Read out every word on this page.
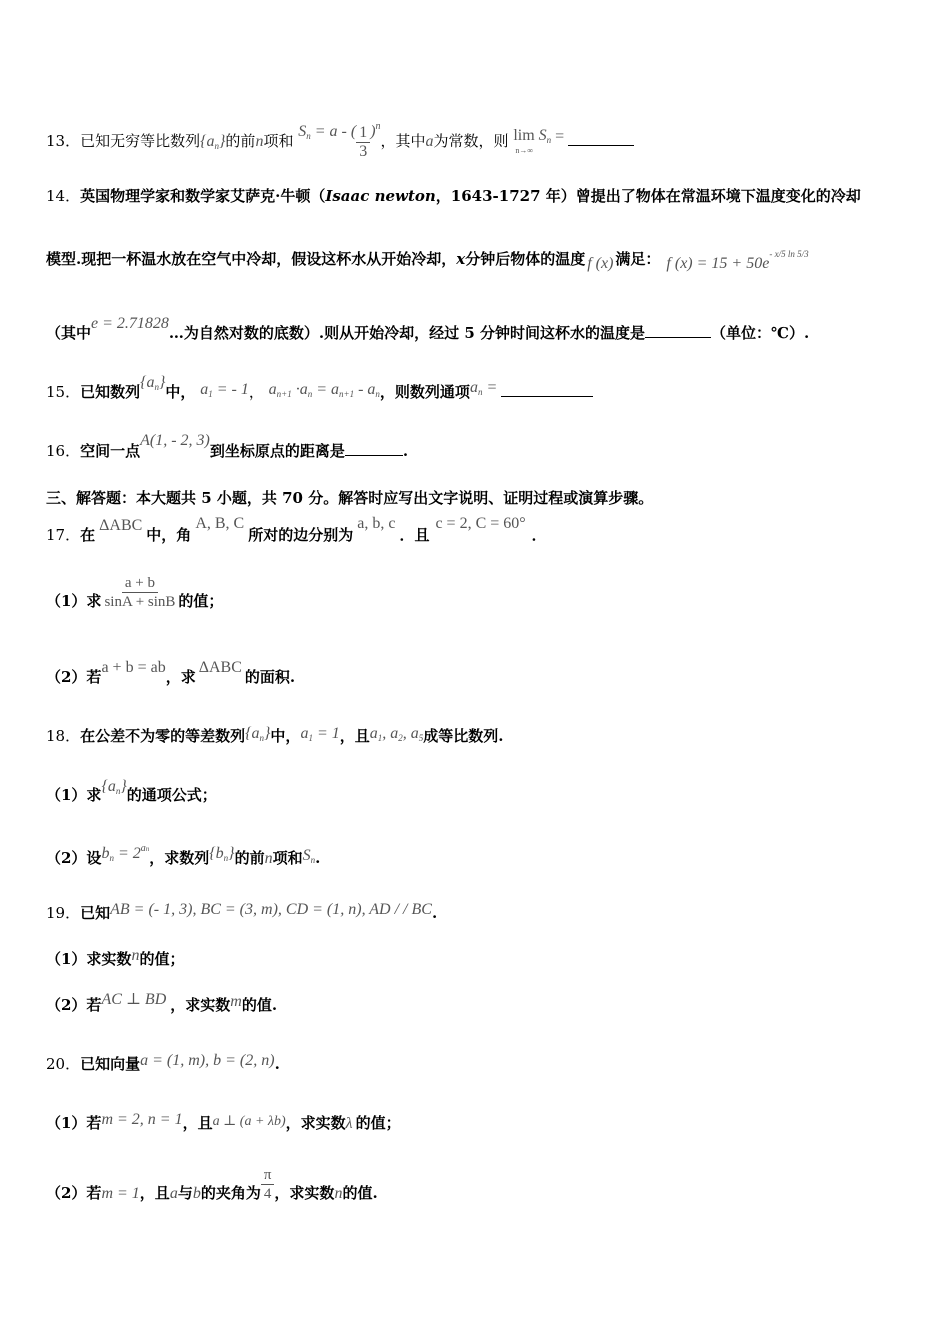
13．已知无穷等比数列$\{a_n\}$的前n项和 $S_n = a$ - ( $\frac{1}{3} )^n$，其中a为常数，则 $\lim S_n$
n→∞
=
14．英国物理学家和数学家艾萨克·牛顿（Isaac newton，1643-1727 年）曾提出了物体在常温环境下温度变化的冷却
模型.现把一杯温水放在空气中冷却，假设这杯水从开始冷却，x分钟后物体的温度 f (x) 满足： f $(x) = 15 + 50e^{- x/5 ln 5/3}$
（其中e = 2.71828…为自然对数的底数）.则从开始冷却，经过 5 分钟时间这杯水的温度是	（单位：℃）.
15．已知数列$\{a_n\}$中， $a_1$ = - 1， $a_{n+1} \cdot a_n = a_{n+1} - a_n$，则数列通项$a_n$ =
16．空间一点A(1, - 2, 3)到坐标原点的距离是	.
三、解答题：本大题共 5 小题，共 70 分。解答时应写出文字说明、证明过程或演算步骤。
17．在ΔABC中，角A, B, C所对的边分别为a, b, c．且c = 2, C = 60°．
（1）求 $\frac{a + b}{\sin A + \sin B}$ 的值；
（2）若a + b = ab，求ΔABC的面积.
18．在公差不为零的等差数列$\{a_n\}$中，$a_1 = 1$，且$a_1$, $a_2$, $a_5$成等比数列.
（1）求$\{a_n\}$的通项公式；
（2）设$b_n = 2^{an}$，求数列$\{b_n\}$的前n项和$S_n$.
19．已知AB = (- 1, 3), BC = (3, m), CD = (1, n), AD / / BC.
（1）求实数n的值；
（2）若AC ⊥ BD ，求实数m的值.
20．已知向量a = (1, m), b = (2, n).
（1）若m = 2, n = 1，且a ⊥ (a + λb)，求实数λ 的值；
（2）若m = 1，且a与b的夹角为 $\frac{\pi}{4}$ ，求实数n的值.
